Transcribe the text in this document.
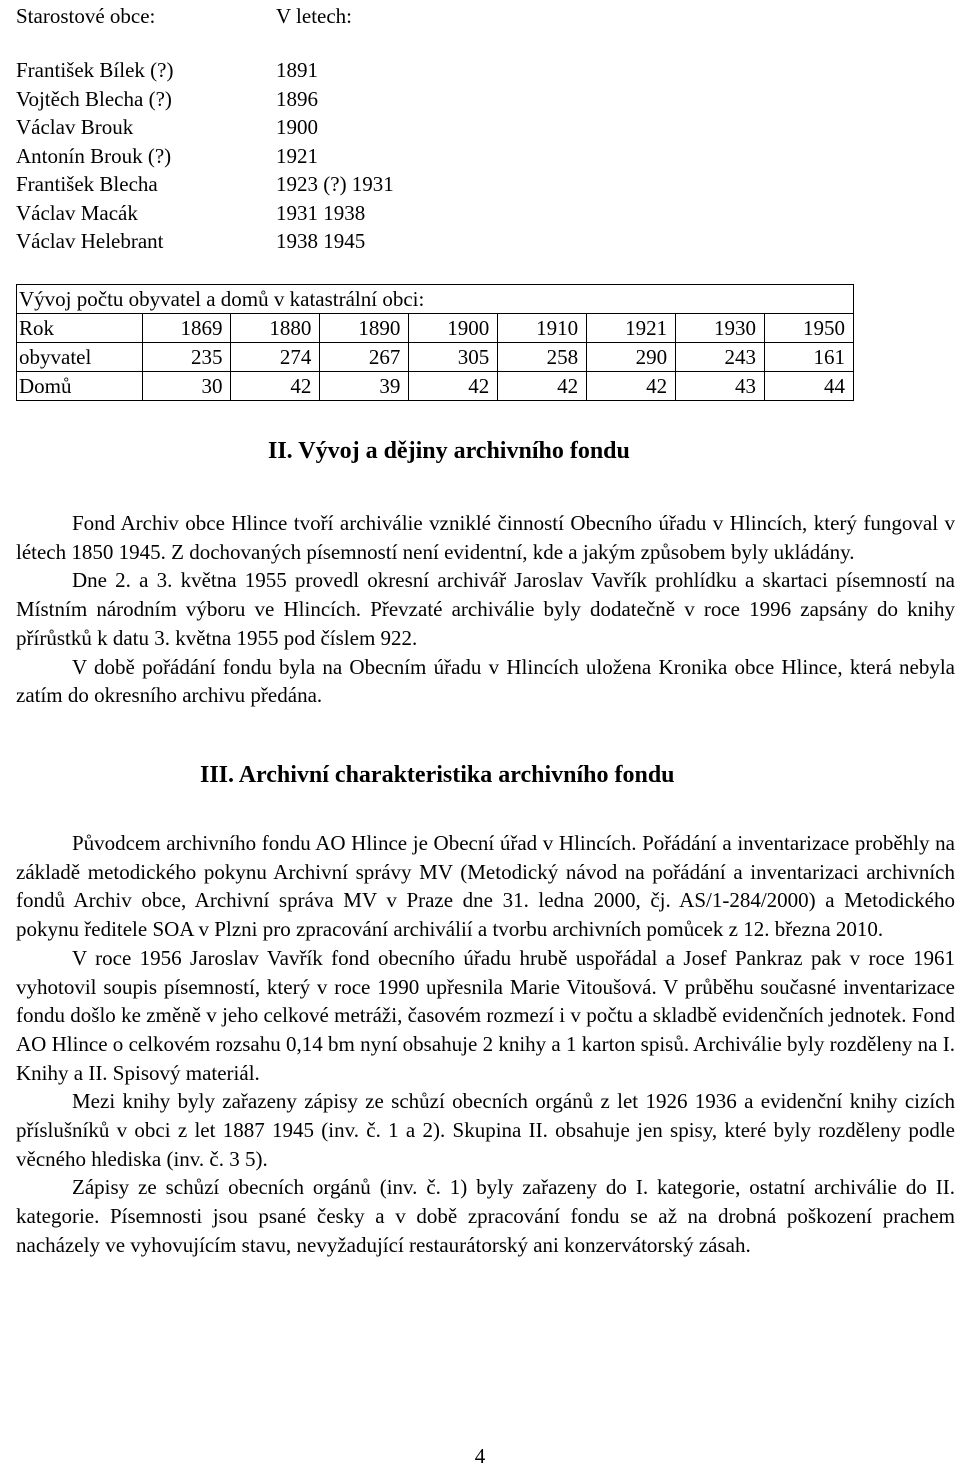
Starostové obce:	V letech:
František Bílek (?)	1891
Vojtěch Blecha (?)	1896
Václav Brouk	1900
Antonín Brouk (?)	1921
František Blecha	1923 (?) 1931
Václav Macák	1931 1938
Václav Helebrant	1938 1945
Vývoj počtu obyvatel a domů v katastrální obci:								
Rok	1869	1880	1890	1900	1910	1921	1930	1950
obyvatel	235	274	267	305	258	290	243	161
Domů	30	42	39	42	42	42	43	44
II. Vývoj a dějiny archivního fondu

Fond Archiv obce Hlince tvoří archiválie vzniklé činností Obecního úřadu v Hlincích, který fungoval v létech 1850 1945. Z dochovaných písemností není evidentní, kde a jakým způsobem byly ukládány.

Dne 2. a 3. května 1955 provedl okresní archivář Jaroslav Vavřík prohlídku a skartaci písemností na Místním národním výboru ve Hlincích. Převzaté archiválie byly dodatečně v roce 1996 zapsány do knihy přírůstků k datu 3. května 1955 pod číslem 922.

V době pořádání fondu byla na Obecním úřadu v Hlincích uložena Kronika obce Hlince, která nebyla zatím do okresního archivu předána.

III. Archivní charakteristika archivního fondu

Původcem archivního fondu AO Hlince je Obecní úřad v Hlincích. Pořádání a inventarizace proběhly na základě metodického pokynu Archivní správy MV (Metodický návod na pořádání a inventarizaci archivních fondů Archiv obce, Archivní správa MV v Praze dne 31. ledna 2000, čj. AS/1-284/2000) a Metodického pokynu ředitele SOA v Plzni pro zpracování archiválií a tvorbu archivních pomůcek z 12. března 2010.

V roce 1956 Jaroslav Vavřík fond obecního úřadu hrubě uspořádal a Josef Pankraz pak v roce 1961 vyhotovil soupis písemností, který v roce 1990 upřesnila Marie Vitoušová. V průběhu současné inventarizace fondu došlo ke změně v jeho celkové metráži, časovém rozmezí i v počtu a skladbě evidenčních jednotek. Fond AO Hlince o celkovém rozsahu 0,14 bm nyní obsahuje 2 knihy a 1 karton spisů. Archiválie byly rozděleny na I. Knihy a II. Spisový materiál.

Mezi knihy byly zařazeny zápisy ze schůzí obecních orgánů z let 1926 1936 a evidenční knihy cizích příslušníků v obci z let 1887 1945 (inv. č. 1 a 2). Skupina II. obsahuje jen spisy, které byly rozděleny podle věcného hlediska (inv. č. 3 5).

Zápisy ze schůzí obecních orgánů (inv. č. 1) byly zařazeny do I. kategorie, ostatní archiválie do II. kategorie. Písemnosti jsou psané česky a v době zpracování fondu se až na drobná poškození prachem nacházely ve vyhovujícím stavu, nevyžadující restaurátorský ani konzervátorský zásah.

4
